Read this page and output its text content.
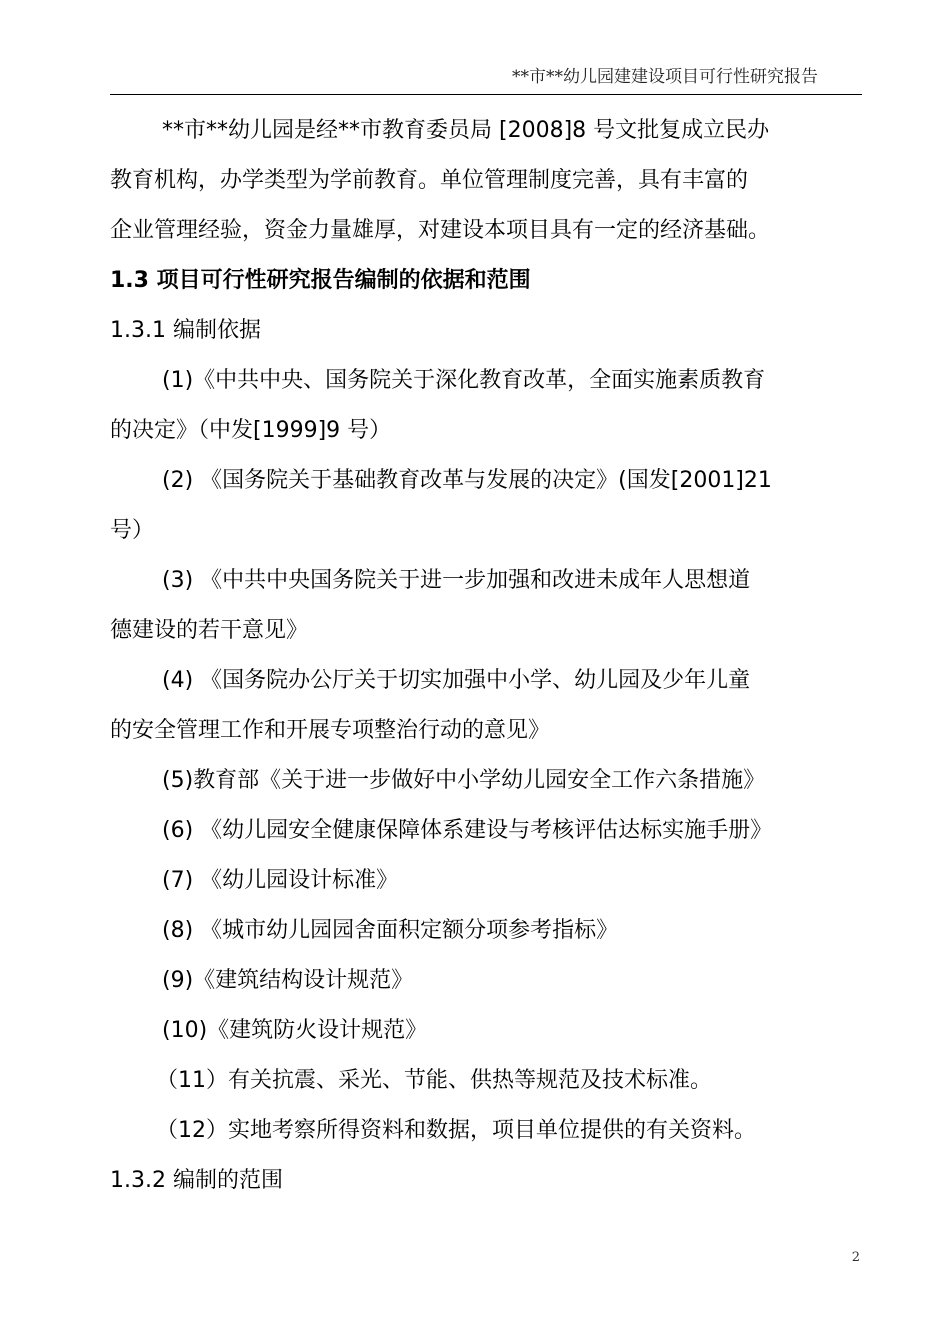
**市**幼儿园建建设项目可行性研究报告
**市**幼儿园是经**市教育委员局 [2008]8 号文批复成立民办
教育机构，办学类型为学前教育。单位管理制度完善，具有丰富的
企业管理经验，资金力量雄厚，对建设本项目具有一定的经济基础。
1.3 项目可行性研究报告编制的依据和范围
1.3.1 编制依据
(1)《中共中央、国务院关于深化教育改革，全面实施素质教育
的决定》（中发[1999]9 号）
(2) 《国务院关于基础教育改革与发展的决定》(国发[2001]21
号）
(3) 《中共中央国务院关于进一步加强和改进未成年人思想道
德建设的若干意见》
(4) 《国务院办公厅关于切实加强中小学、幼儿园及少年儿童
的安全管理工作和开展专项整治行动的意见》
(5)教育部《关于进一步做好中小学幼儿园安全工作六条措施》
(6) 《幼儿园安全健康保障体系建设与考核评估达标实施手册》
(7) 《幼儿园设计标准》
(8) 《城市幼儿园园舍面积定额分项参考指标》
(9)《建筑结构设计规范》
(10)《建筑防火设计规范》
（11）有关抗震、采光、节能、供热等规范及技术标准。
（12）实地考察所得资料和数据，项目单位提供的有关资料。
1.3.2 编制的范围
2
